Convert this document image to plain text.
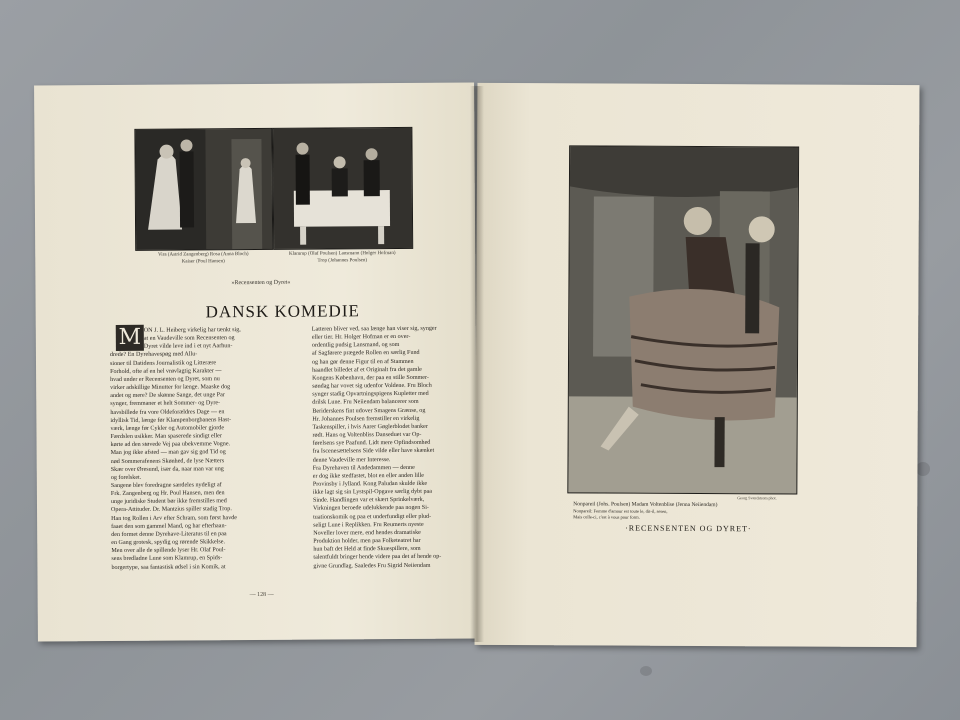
Vira (Astrid Zangenberg) Rosa (Anna Bloch)
Kaiser (Poul Hansen)
Klamrup (Olaf Poulsen) Lansmann (Holger Hofman)
Trop (Johannes Poulsen)
»Recensenten og Dyret«
DANSK KOMEDIE
M ON J. L. Heiberg virkelig har tænkt sig,
at en Vaudeville som Recensenten og
Dyret vilde leve ind i et nyt Aarhun-
drede? En Dyrehavespøg med Allu-
sioner til Datidens Journalistik og Litterære
Forhold, ofte af en hel vrøvlagtig Karakter —
hvad under er Recensenten og Dyret, som nu
virker adskillige Minutter for længe. Maaske dog
andet og mere? De skønne Sange, det unge Par
synger, fremmaner et helt Sommer- og Dyre-
havsbillede fra vore Oldeforældres Dage — en
idyllisk Tid, længe før Klampenborgbanens Hast-
værk, længe før Cykler og Automobiler gjorde
Færdslen usikker. Man spaserede sindigt eller
kørte ad den støvede Vej paa ubekvemme Vogne.
Man jog ikke afsted — man gav sig god Tid og
nød Sommerafenens Skønhed, de lyse Nætters
Skær over Øresund, især da, naar man var ung
og forelsket.
Sangene blev foredragne særdeles nydeligt af
Frk. Zangenberg og Hr. Poul Hansen, men den
unge juridiske Student bør ikke fremstilles med
Opera-Attituder. Dr. Mantzius spiller stadig Trop.
Han tog Rollen i Arv efter Schram, som først havde
faaet den som gammel Mand, og har efterhaan-
den formet denne Dyrehave-Literatus til en paa
en Gang grotesk, spydig og rørende Skikkelse.
Men over alle de spillende lyser Hr. Olaf Poul-
sens bredladne Lune som Klamrup, en Spids-
borgertype, saa fantastisk ødsel i sin Komik, at
Latteren bliver ved, saa længe han viser sig, synger
eller tier. Hr. Holger Hofman er en over-
ordentlig pudsig Lansmand, og som
af Sagførere prægede Rollen en særlig Fund
og han gør denne Figur til en af Stammen
haandlet billedet af et Originalt fra det gamle
Kongens København, der paa en stille Sommer-
søndag har vovet sig udenfor Voldene. Fru Bloch
synger stadig Opvartningspigens Kupletter med
drilsk Lune. Fru Neiiendam balancerer som
Beriderskens fint udover Smagens Grænse, og
Hr. Johannes Poulsen fremstiller en virkelig
Taskenspiller, i hvis Aarer Gøglerblodet banker
rødt. Hans og Voltenbliss Danseduet var Op-
førelsens sye Paafund. Lidt mere Opfindsomhed
fra Iscenesættelsens Side vilde eller have skænket
denne Vaudeville mer Interesse.
Fra Dyrehaven til Andedammen — denne
er dog ikke stedfastet, blot en eller anden lille
Provinsby i Jylland. Kong Paludan skulde ikke
ikke lagt sig sin Lystspil-Opgave særlig dybt paa
Sinde. Handlingen var et skært Sprinkelværk,
Virkningen beroede udelukkende paa nogen Si-
tuationskomik og paa et underfundigt eller plud-
seligt Lune i Replikken. Fru Reumerts nyeste
Noveller lover mere, end hendes dramatiske
Produktion holder, men paa Folketeatret har
hun baft det Held at finde Skuespillere, som
talentfuldt bringer hende videre paa det af hende op-
givne Grundlag. Saaledes Fru Sigrid Neiiendam
— 128 —
Georg Sværdstrøm phot.
Nonpareil (Johs. Poulsen) Madam Voltenblise (Jenna Neiiendam)
Nonpareil: Femme d'amour est toute le, dit-il, sesen,
Mais celle-ci, c'est à vous pour form.
·RECENSENTEN OG DYRET·
